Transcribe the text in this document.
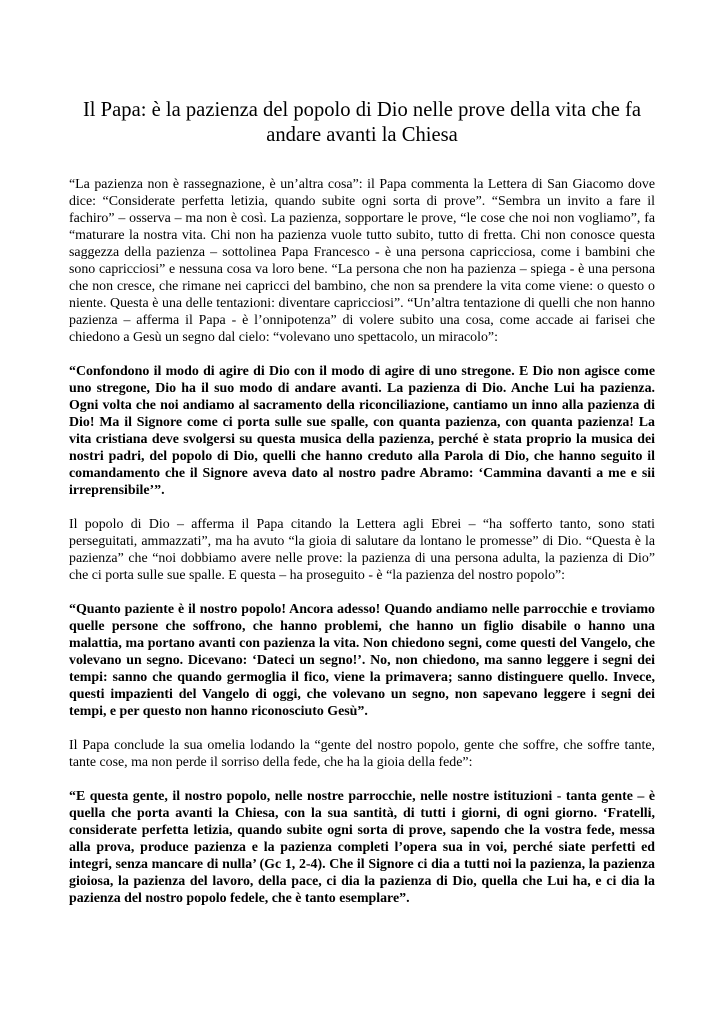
Il Papa: è la pazienza del popolo di Dio nelle prove della vita che fa andare avanti la Chiesa

“La pazienza non è rassegnazione, è un’altra cosa”: il Papa commenta la Lettera di San Giacomo dove dice: “Considerate perfetta letizia, quando subite ogni sorta di prove”. “Sembra un invito a fare il fachiro” – osserva – ma non è così. La pazienza, sopportare le prove, “le cose che noi non vogliamo”, fa “maturare la nostra vita. Chi non ha pazienza vuole tutto subito, tutto di fretta. Chi non conosce questa saggezza della pazienza – sottolinea Papa Francesco - è una persona capricciosa, come i bambini che sono capricciosi” e nessuna cosa va loro bene. “La persona che non ha pazienza – spiega - è una persona che non cresce, che rimane nei capricci del bambino, che non sa prendere la vita come viene: o questo o niente. Questa è una delle tentazioni: diventare capricciosi”. “Un’altra tentazione di quelli che non hanno pazienza – afferma il Papa - è l’onnipotenza” di volere subito una cosa, come accade ai farisei che chiedono a Gesù un segno dal cielo: “volevano uno spettacolo, un miracolo”:

“Confondono il modo di agire di Dio con il modo di agire di uno stregone. E Dio non agisce come uno stregone, Dio ha il suo modo di andare avanti. La pazienza di Dio. Anche Lui ha pazienza. Ogni volta che noi andiamo al sacramento della riconciliazione, cantiamo un inno alla pazienza di Dio! Ma il Signore come ci porta sulle sue spalle, con quanta pazienza, con quanta pazienza! La vita cristiana deve svolgersi su questa musica della pazienza, perché è stata proprio la musica dei nostri padri, del popolo di Dio, quelli che hanno creduto alla Parola di Dio, che hanno seguito il comandamento che il Signore aveva dato al nostro padre Abramo: ‘Cammina davanti a me e sii irreprensibile’”.

Il popolo di Dio – afferma il Papa citando la Lettera agli Ebrei – “ha sofferto tanto, sono stati perseguitati, ammazzati”, ma ha avuto “la gioia di salutare da lontano le promesse” di Dio. “Questa è la pazienza” che “noi dobbiamo avere nelle prove: la pazienza di una persona adulta, la pazienza di Dio” che ci porta sulle sue spalle. E questa – ha proseguito - è “la pazienza del nostro popolo”:

“Quanto paziente è il nostro popolo! Ancora adesso! Quando andiamo nelle parrocchie e troviamo quelle persone che soffrono, che hanno problemi, che hanno un figlio disabile o hanno una malattia, ma portano avanti con pazienza la vita. Non chiedono segni, come questi del Vangelo, che volevano un segno. Dicevano: ‘Dateci un segno!’. No, non chiedono, ma sanno leggere i segni dei tempi: sanno che quando germoglia il fico, viene la primavera; sanno distinguere quello. Invece, questi impazienti del Vangelo di oggi, che volevano un segno, non sapevano leggere i segni dei tempi, e per questo non hanno riconosciuto Gesù”.

Il Papa conclude la sua omelia lodando la “gente del nostro popolo, gente che soffre, che soffre tante, tante cose, ma non perde il sorriso della fede, che ha la gioia della fede”:

“E questa gente, il nostro popolo, nelle nostre parrocchie, nelle nostre istituzioni - tanta gente – è quella che porta avanti la Chiesa, con la sua santità, di tutti i giorni, di ogni giorno. ‘Fratelli, considerate perfetta letizia, quando subite ogni sorta di prove, sapendo che la vostra fede, messa alla prova, produce pazienza e la pazienza completi l’opera sua in voi, perché siate perfetti ed integri, senza mancare di nulla’ (Gc 1, 2-4). Che il Signore ci dia a tutti noi la pazienza, la pazienza gioiosa, la pazienza del lavoro, della pace, ci dia la pazienza di Dio, quella che Lui ha, e ci dia la pazienza del nostro popolo fedele, che è tanto esemplare”.
